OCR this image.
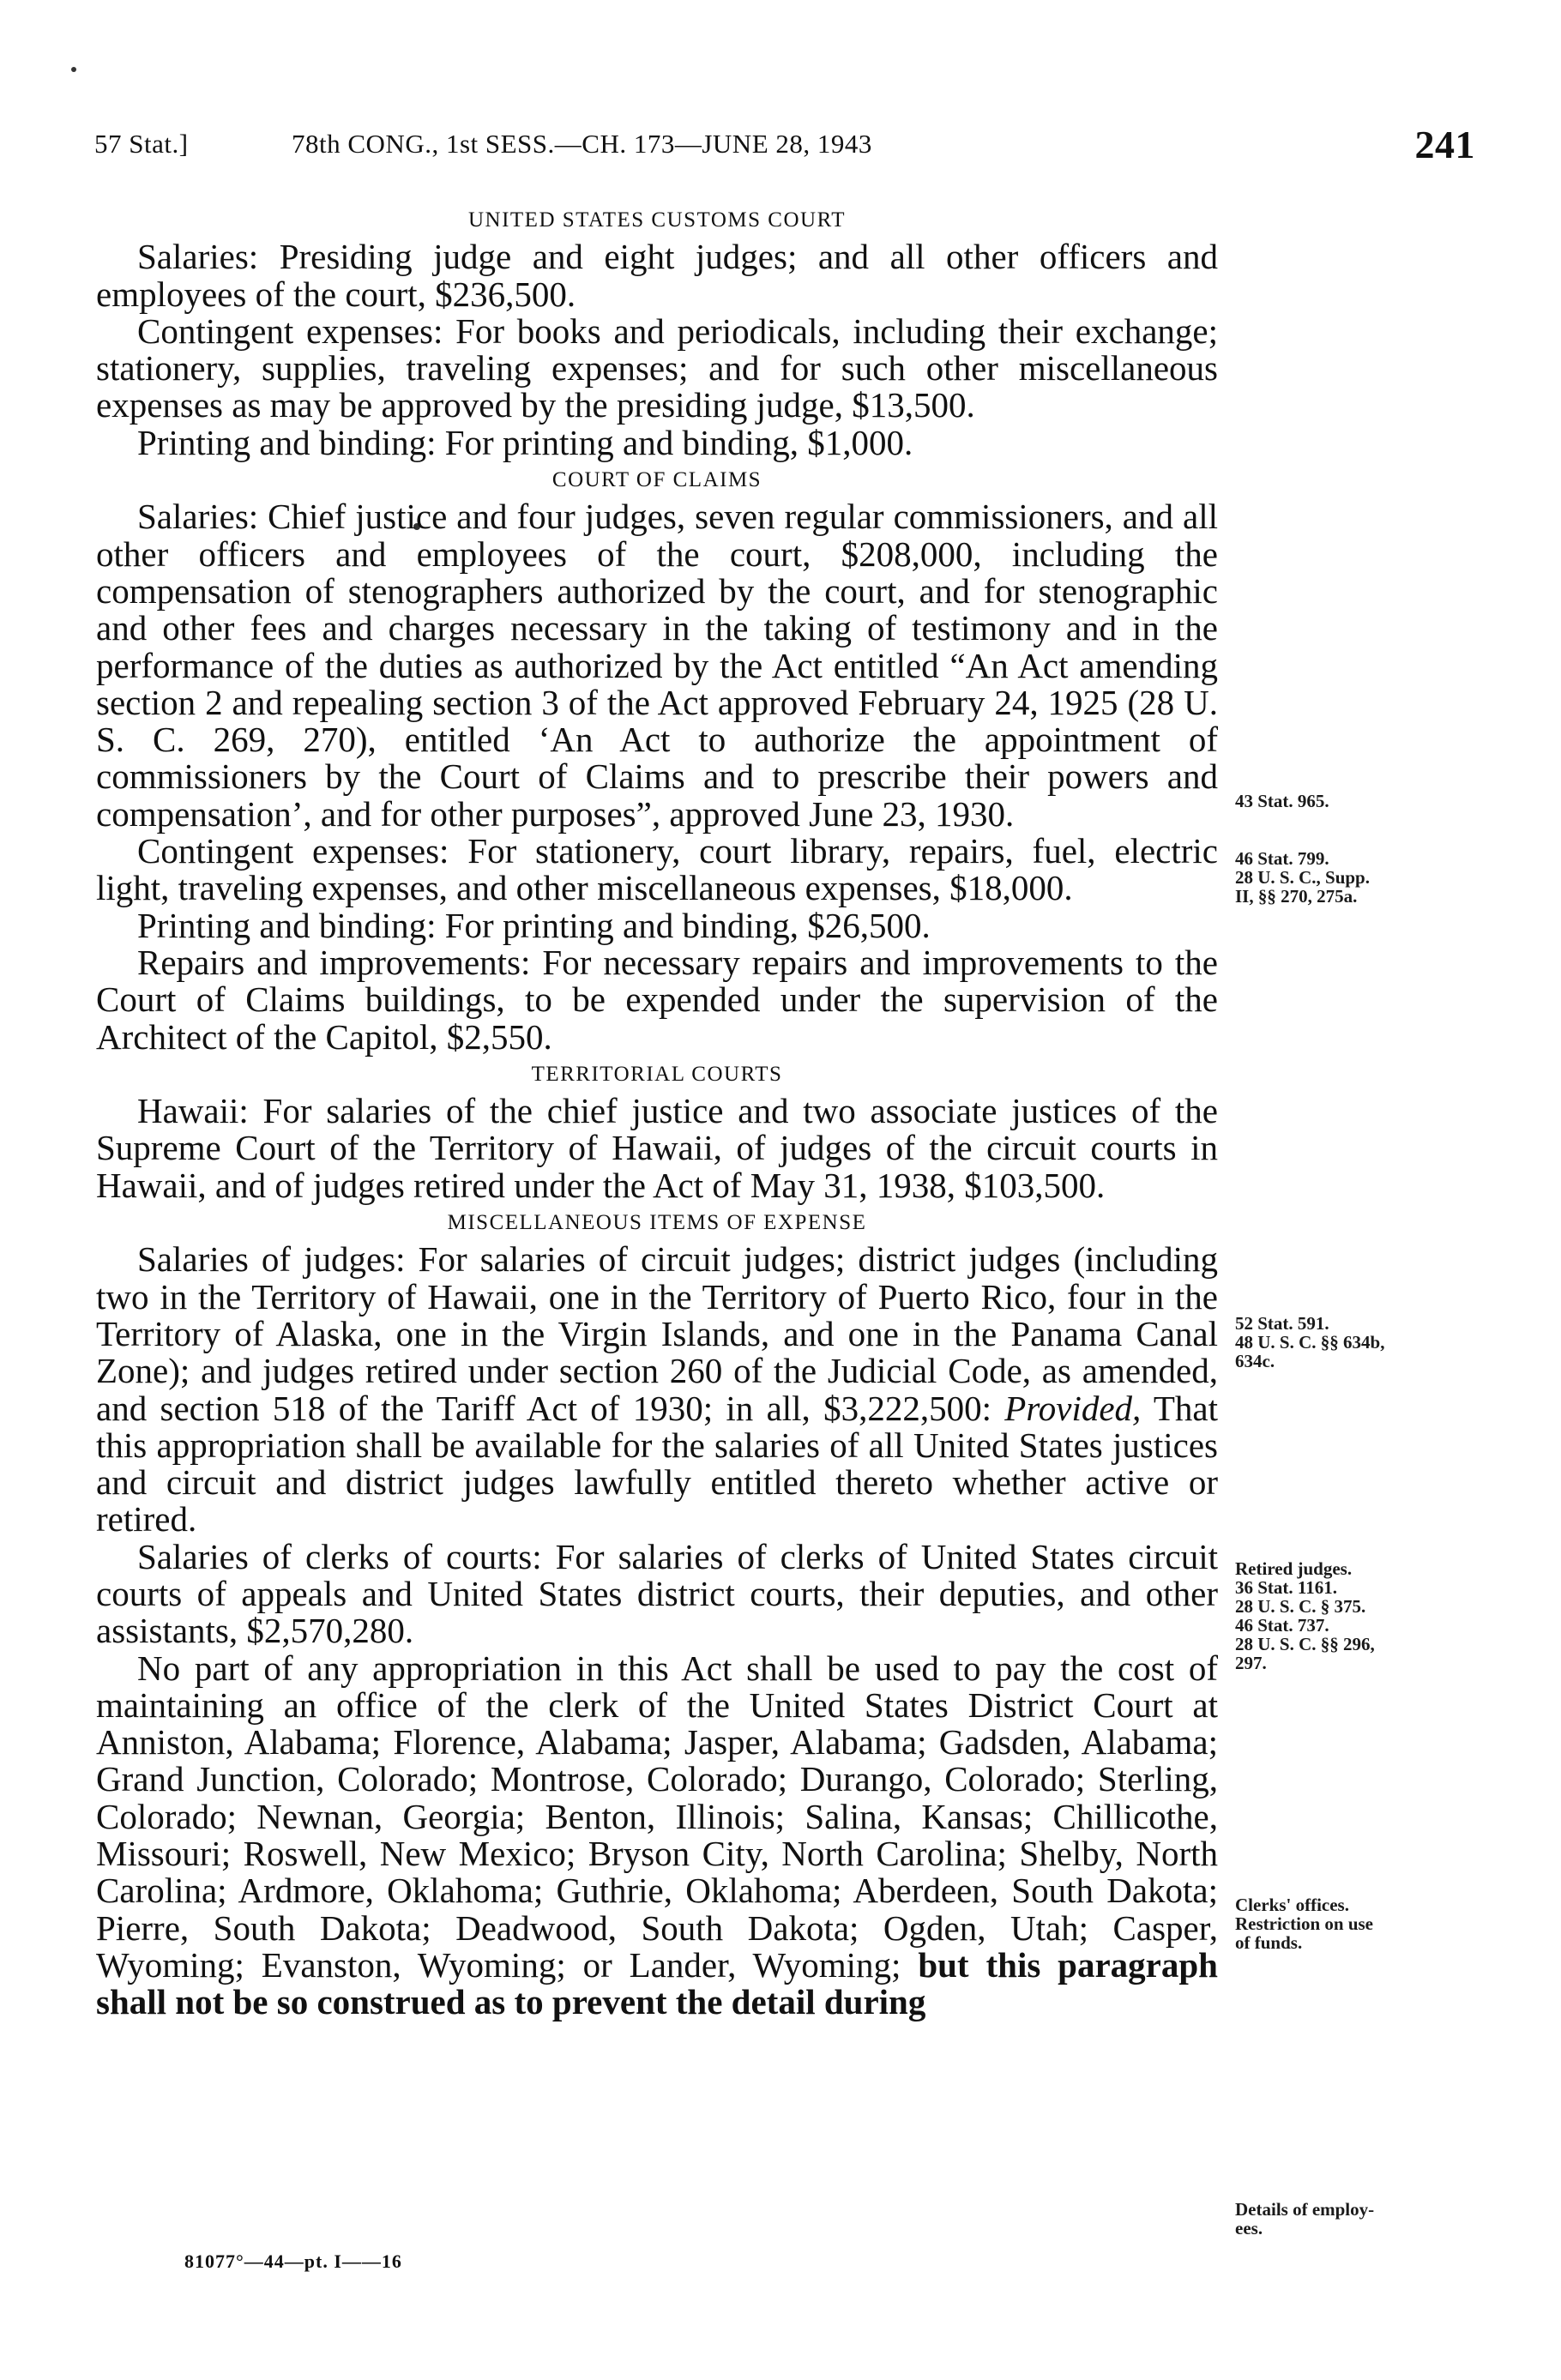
57 Stat.]	78th CONG., 1st SESS.—CH. 173—JUNE 28, 1943	241

UNITED STATES CUSTOMS COURT

Salaries: Presiding judge and eight judges; and all other officers and employees of the court, $236,500.

Contingent expenses: For books and periodicals, including their exchange; stationery, supplies, traveling expenses; and for such other miscellaneous expenses as may be approved by the presiding judge, $13,500.

Printing and binding: For printing and binding, $1,000.

COURT OF CLAIMS

Salaries: Chief justice and four judges, seven regular commissioners, and all other officers and employees of the court, $208,000, including the compensation of stenographers authorized by the court, and for stenographic and other fees and charges necessary in the taking of testimony and in the performance of the duties as authorized by the Act entitled “An Act amending section 2 and repealing section 3 of the Act approved February 24, 1925 (28 U. S. C. 269, 270), entitled ‘An Act to authorize the appointment of commissioners by the Court of Claims and to prescribe their powers and compensation’, and for other purposes”, approved June 23, 1930.

Contingent expenses: For stationery, court library, repairs, fuel, electric light, traveling expenses, and other miscellaneous expenses, $18,000.

Printing and binding: For printing and binding, $26,500.

Repairs and improvements: For necessary repairs and improvements to the Court of Claims buildings, to be expended under the supervision of the Architect of the Capitol, $2,550.

TERRITORIAL COURTS

Hawaii: For salaries of the chief justice and two associate justices of the Supreme Court of the Territory of Hawaii, of judges of the circuit courts in Hawaii, and of judges retired under the Act of May 31, 1938, $103,500.

MISCELLANEOUS ITEMS OF EXPENSE

Salaries of judges: For salaries of circuit judges; district judges (including two in the Territory of Hawaii, one in the Territory of Puerto Rico, four in the Territory of Alaska, one in the Virgin Islands, and one in the Panama Canal Zone); and judges retired under section 260 of the Judicial Code, as amended, and section 518 of the Tariff Act of 1930; in all, $3,222,500: Provided, That this appropriation shall be available for the salaries of all United States justices and circuit and district judges lawfully entitled thereto whether active or retired.

Salaries of clerks of courts: For salaries of clerks of United States circuit courts of appeals and United States district courts, their deputies, and other assistants, $2,570,280.

No part of any appropriation in this Act shall be used to pay the cost of maintaining an office of the clerk of the United States District Court at Anniston, Alabama; Florence, Alabama; Jasper, Alabama; Gadsden, Alabama; Grand Junction, Colorado; Montrose, Colorado; Durango, Colorado; Sterling, Colorado; Newnan, Georgia; Benton, Illinois; Salina, Kansas; Chillicothe, Missouri; Roswell, New Mexico; Bryson City, North Carolina; Shelby, North Carolina; Ardmore, Oklahoma; Guthrie, Oklahoma; Aberdeen, South Dakota; Pierre, South Dakota; Deadwood, South Dakota; Ogden, Utah; Casper, Wyoming; Evanston, Wyoming; or Lander, Wyoming; but this paragraph shall not be so construed as to prevent the detail during

43 Stat. 965.
46 Stat. 799.
28 U. S. C., Supp.
II, §§ 270, 275a.
52 Stat. 591.
48 U. S. C. §§ 634b,
634c.
Retired judges.
36 Stat. 1161.
28 U. S. C. § 375.
46 Stat. 737.
28 U. S. C. §§ 296,
297.
Clerks' offices.
Restriction on use
of funds.
Details of employ-
ees.
81077°—44—pt. I——16
